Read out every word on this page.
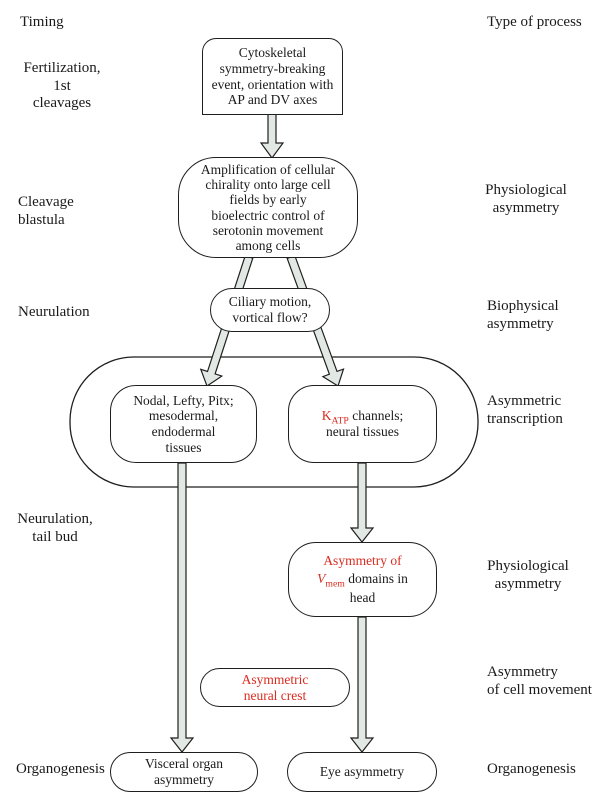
Timing	Type of process
Fertilization, 1st
cleavages
Cleavage
blastula
Neurulation
Neurulation,
tail bud
Organogenesis
Physiological
asymmetry
Biophysical
asymmetry
Asymmetric
transcription
Physiological
asymmetry
Asymmetry
of cell movement
Organogenesis
Cytoskeletal
symmetry-breaking
event, orientation with
AP and DV axes
Amplification of cellular
chirality onto large cell
fields by early
bioelectric control of
serotonin movement
among cells
Ciliary motion,
vortical flow?
Nodal, Lefty, Pitx;
mesodermal,
endodermal
tissues
$K_{ATP}$ channels;
neural tissues
Asymmetry of
$V_{mem}$ domains in
head
Asymmetric
neural crest
Visceral organ
asymmetry
Eye asymmetry
